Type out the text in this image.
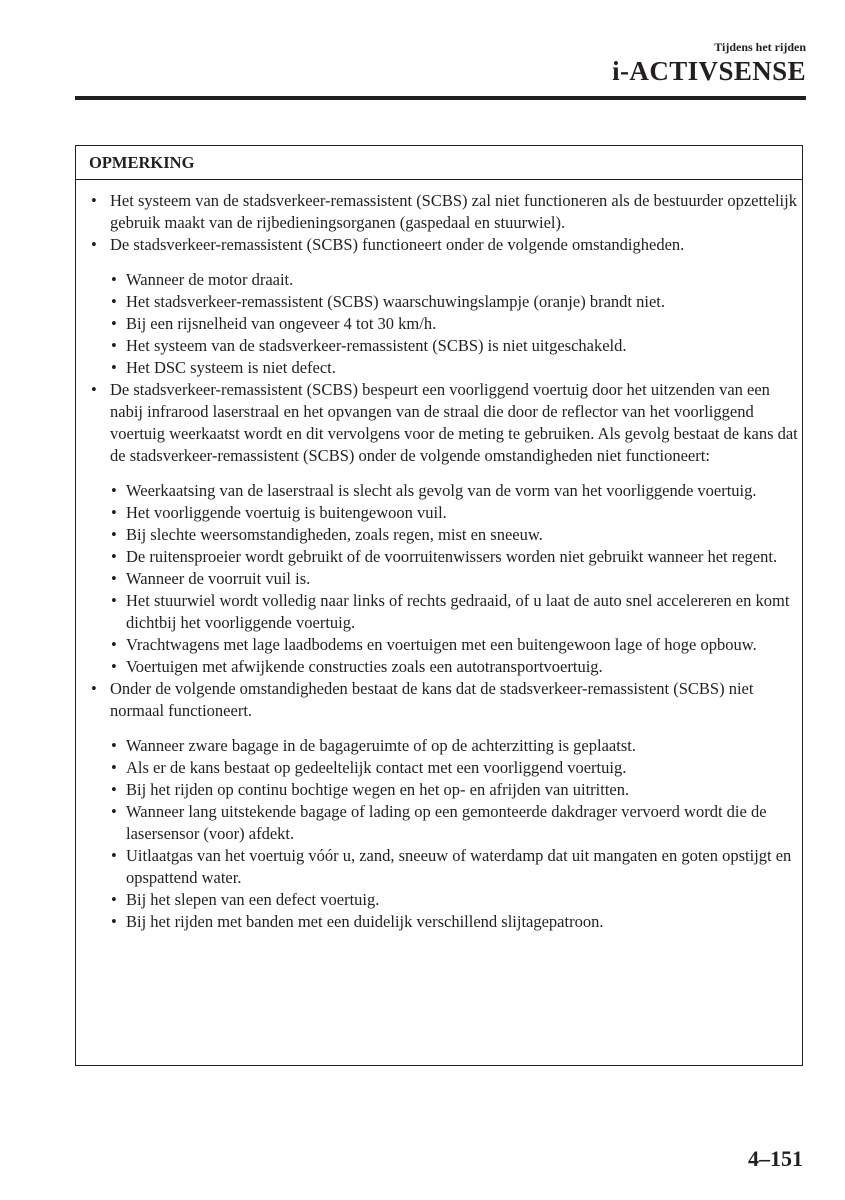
Tijdens het rijden
i-ACTIVSENSE
OPMERKING
• Het systeem van de stadsverkeer-remassistent (SCBS) zal niet functioneren als de bestuurder opzettelijk gebruik maakt van de rijbedieningsorganen (gaspedaal en stuurwiel).
• De stadsverkeer-remassistent (SCBS) functioneert onder de volgende omstandigheden.
• Wanneer de motor draait.
• Het stadsverkeer-remassistent (SCBS) waarschuwingslampje (oranje) brandt niet.
• Bij een rijsnelheid van ongeveer 4 tot 30 km/h.
• Het systeem van de stadsverkeer-remassistent (SCBS) is niet uitgeschakeld.
• Het DSC systeem is niet defect.
• De stadsverkeer-remassistent (SCBS) bespeurt een voorliggend voertuig door het uitzenden van een nabij infrarood laserstraal en het opvangen van de straal die door de reflector van het voorliggend voertuig weerkaatst wordt en dit vervolgens voor de meting te gebruiken. Als gevolg bestaat de kans dat de stadsverkeer-remassistent (SCBS) onder de volgende omstandigheden niet functioneert:
• Weerkaatsing van de laserstraal is slecht als gevolg van de vorm van het voorliggende voertuig.
• Het voorliggende voertuig is buitengewoon vuil.
• Bij slechte weersomstandigheden, zoals regen, mist en sneeuw.
• De ruitensproeier wordt gebruikt of de voorruitenwissers worden niet gebruikt wanneer het regent.
• Wanneer de voorruit vuil is.
• Het stuurwiel wordt volledig naar links of rechts gedraaid, of u laat de auto snel accelereren en komt dichtbij het voorliggende voertuig.
• Vrachtwagens met lage laadbodems en voertuigen met een buitengewoon lage of hoge opbouw.
• Voertuigen met afwijkende constructies zoals een autotransportvoertuig.
• Onder de volgende omstandigheden bestaat de kans dat de stadsverkeer-remassistent (SCBS) niet normaal functioneert.
• Wanneer zware bagage in de bagageruimte of op de achterzitting is geplaatst.
• Als er de kans bestaat op gedeeltelijk contact met een voorliggend voertuig.
• Bij het rijden op continu bochtige wegen en het op- en afrijden van uitritten.
• Wanneer lang uitstekende bagage of lading op een gemonteerde dakdrager vervoerd wordt die de lasersensor (voor) afdekt.
• Uitlaatgas van het voertuig vóór u, zand, sneeuw of waterdamp dat uit mangaten en goten opstijgt en opspattend water.
• Bij het slepen van een defect voertuig.
• Bij het rijden met banden met een duidelijk verschillend slijtagepatroon.
4–151
